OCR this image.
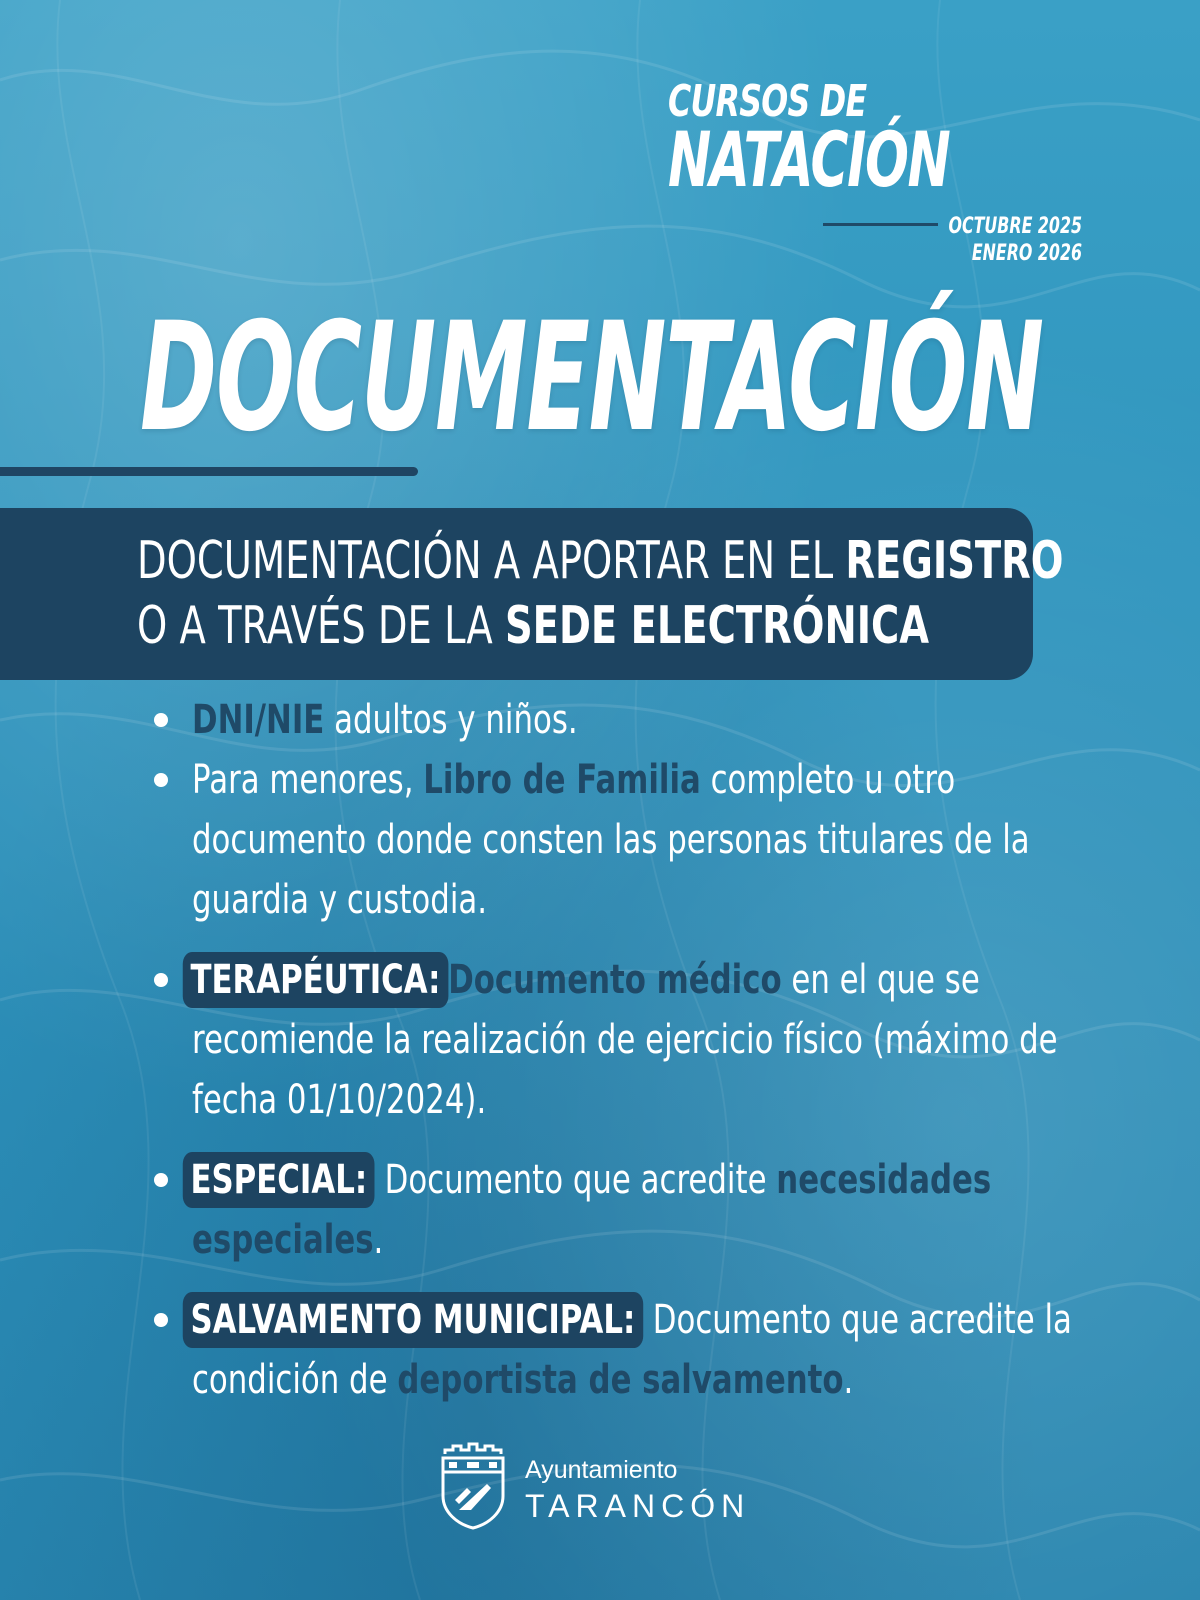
CURSOS DE
NATACIÓN
OCTUBRE 2025
ENERO 2026
DOCUMENTACIÓN
DOCUMENTACIÓN A APORTAR EN EL REGISTRO
O A TRAVÉS DE LA SEDE ELECTRÓNICA
DNI/NIE adultos y niños.
Para menores, Libro de Familia completo u otro
documento donde consten las personas titulares de la
guardia y custodia.
TERAPÉUTICA: Documento médico en el que se
recomiende la realización de ejercicio físico (máximo de
fecha 01/10/2024).
ESPECIAL: Documento que acredite necesidades
especiales.
SALVAMENTO MUNICIPAL: Documento que acredite la
condición de deportista de salvamento.
Ayuntamiento
TARANCÓN
